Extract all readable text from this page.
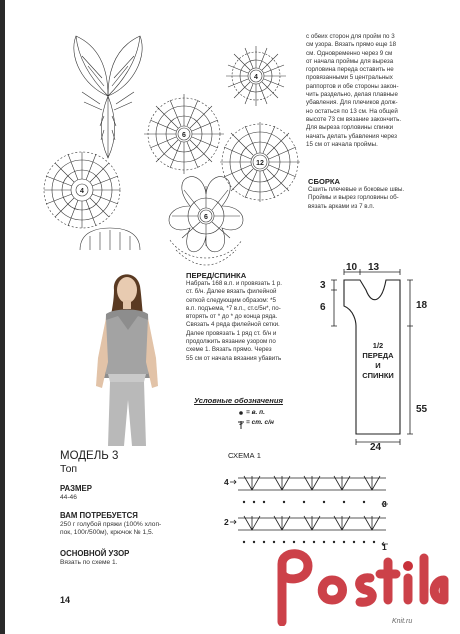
4
4
6
12
6
с обеих сторон для пройм по 3
см узора. Вязать прямо еще 18
см. Одновременно через 9 см
от начала проймы для выреза
горловина переда оставить не
провязанными 5 центральных
раппортов и обе стороны закон-
чить раздельно, делая плавные
убавления. Для плечиков долж-
но остаться по 13 см. На общей
высоте 73 см вязание закончить.
Для выреза горловины спинки
начать делать убавления через
15 см от начала проймы.
СБОРКА
Сшить плечевые и боковые швы.
Проймы и вырез горловины об-
вязать арками из 7 в.п.
ПЕРЕД/СПИНКА
Набрать 168 в.п. и провязать 1 р.
ст. б/н. Далее вязать филейной
сеткой следующим образом: *5
в.п. подъема, *7 в.п., ст.с/5н*, по-
вторять от * до * до конца ряда.
Связать 4 ряда филейной сетки.
Далее провязать 1 ряд ст. б/н и
продолжить вязание узором по
схеме 1. Вязать прямо. Через
55 см от начала вязания убавить
Условные обозначения
= в. п.
= ст. с/н
10 13
3
6	18
55
24
1/2
ПЕРЕДА
И
СПИНКИ
МОДЕЛЬ 3
Топ
РАЗМЕР
44-46
ВАМ ПОТРЕБУЕТСЯ
250 г голубой пряжи (100% хлоп-
пок, 100г/500м), крючок № 1,5.
ОСНОВНОЙ УЗОР
Вязать по схеме 1.
14
СХЕМА 1
4
2
3
1
Knit.ru
